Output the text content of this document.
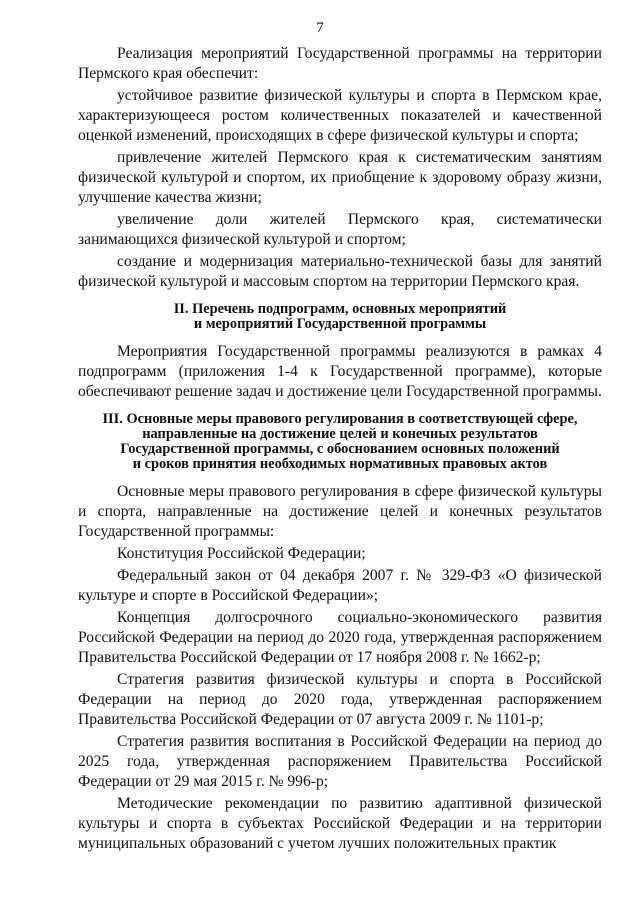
7

Реализация мероприятий Государственной программы на территории Пермского края обеспечит:

устойчивое развитие физической культуры и спорта в Пермском крае, характеризующееся ростом количественных показателей и качественной оценкой изменений, происходящих в сфере физической культуры и спорта;

привлечение жителей Пермского края к систематическим занятиям физической культурой и спортом, их приобщение к здоровому образу жизни, улучшение качества жизни;

увеличение доли жителей Пермского края, систематически занимающихся физической культурой и спортом;

создание и модернизация материально-технической базы для занятий физической культурой и массовым спортом на территории Пермского края.

II. Перечень подпрограмм, основных мероприятий
и мероприятий Государственной программы

Мероприятия Государственной программы реализуются в рамках 4 подпрограмм (приложения 1-4 к Государственной программе), которые обеспечивают решение задач и достижение цели Государственной программы.

III. Основные меры правового регулирования в соответствующей сфере,
направленные на достижение целей и конечных результатов
Государственной программы, с обоснованием основных положений
и сроков принятия необходимых нормативных правовых актов

Основные меры правового регулирования в сфере физической культуры и спорта, направленные на достижение целей и конечных результатов Государственной программы:

Конституция Российской Федерации;

Федеральный закон от 04 декабря 2007 г. № 329-ФЗ «О физической культуре и спорте в Российской Федерации»;

Концепция долгосрочного социально-экономического развития Российской Федерации на период до 2020 года, утвержденная распоряжением Правительства Российской Федерации от 17 ноября 2008 г. № 1662-р;

Стратегия развития физической культуры и спорта в Российской Федерации на период до 2020 года, утвержденная распоряжением Правительства Российской Федерации от 07 августа 2009 г. № 1101-р;

Стратегия развития воспитания в Российской Федерации на период до 2025 года, утвержденная распоряжением Правительства Российской Федерации от 29 мая 2015 г. № 996-р;

Методические рекомендации по развитию адаптивной физической культуры и спорта в субъектах Российской Федерации и на территории муниципальных образований с учетом лучших положительных практик
